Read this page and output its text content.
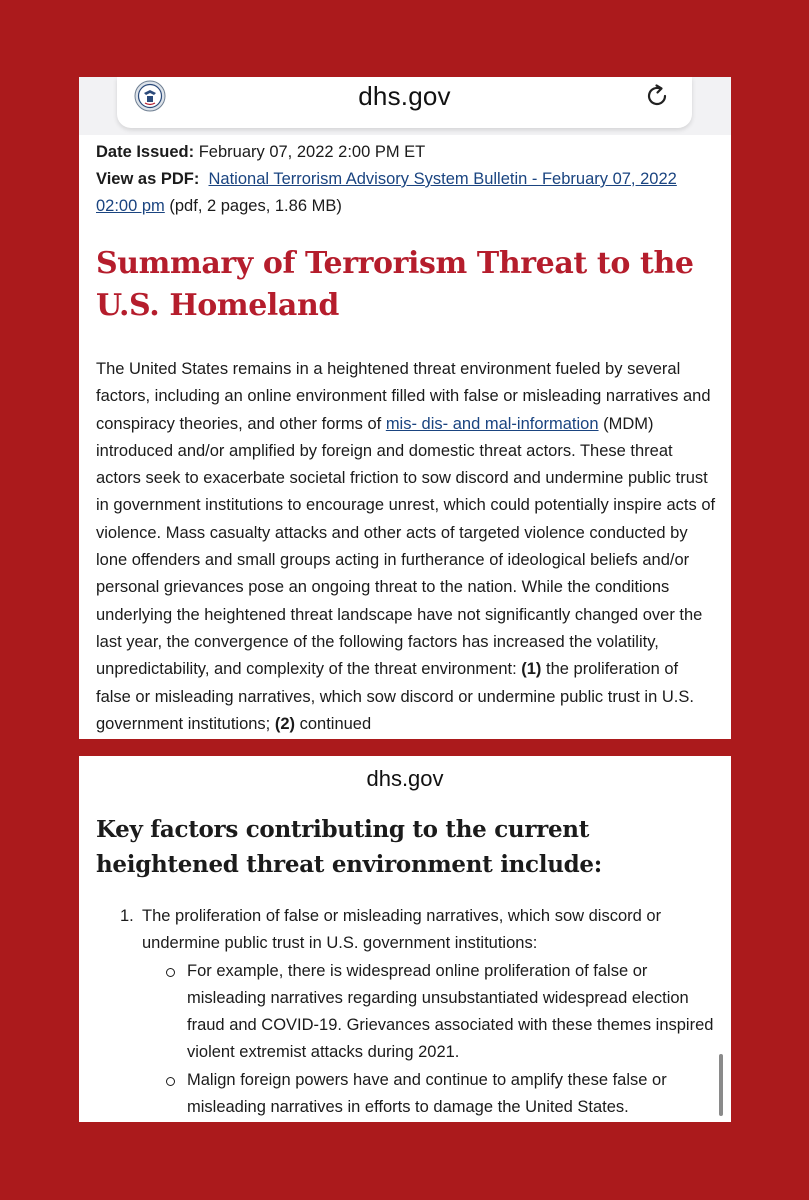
dhs.gov
Date Issued: February 07, 2022 2:00 PM ET
View as PDF: National Terrorism Advisory System Bulletin - February 07, 2022 02:00 pm (pdf, 2 pages, 1.86 MB)
Summary of Terrorism Threat to the U.S. Homeland

The United States remains in a heightened threat environment fueled by several factors, including an online environment filled with false or misleading narratives and conspiracy theories, and other forms of mis- dis- and mal-information (MDM) introduced and/or amplified by foreign and domestic threat actors. These threat actors seek to exacerbate societal friction to sow discord and undermine public trust in government institutions to encourage unrest, which could potentially inspire acts of violence. Mass casualty attacks and other acts of targeted violence conducted by lone offenders and small groups acting in furtherance of ideological beliefs and/or personal grievances pose an ongoing threat to the nation. While the conditions underlying the heightened threat landscape have not significantly changed over the last year, the convergence of the following factors has increased the volatility, unpredictability, and complexity of the threat environment: (1) the proliferation of false or misleading narratives, which sow discord or undermine public trust in U.S. government institutions; (2) continued

dhs.gov
Key factors contributing to the current heightened threat environment include:
1. The proliferation of false or misleading narratives, which sow discord or undermine public trust in U.S. government institutions:
For example, there is widespread online proliferation of false or misleading narratives regarding unsubstantiated widespread election fraud and COVID-19. Grievances associated with these themes inspired violent extremist attacks during 2021.
Malign foreign powers have and continue to amplify these false or misleading narratives in efforts to damage the United States.
